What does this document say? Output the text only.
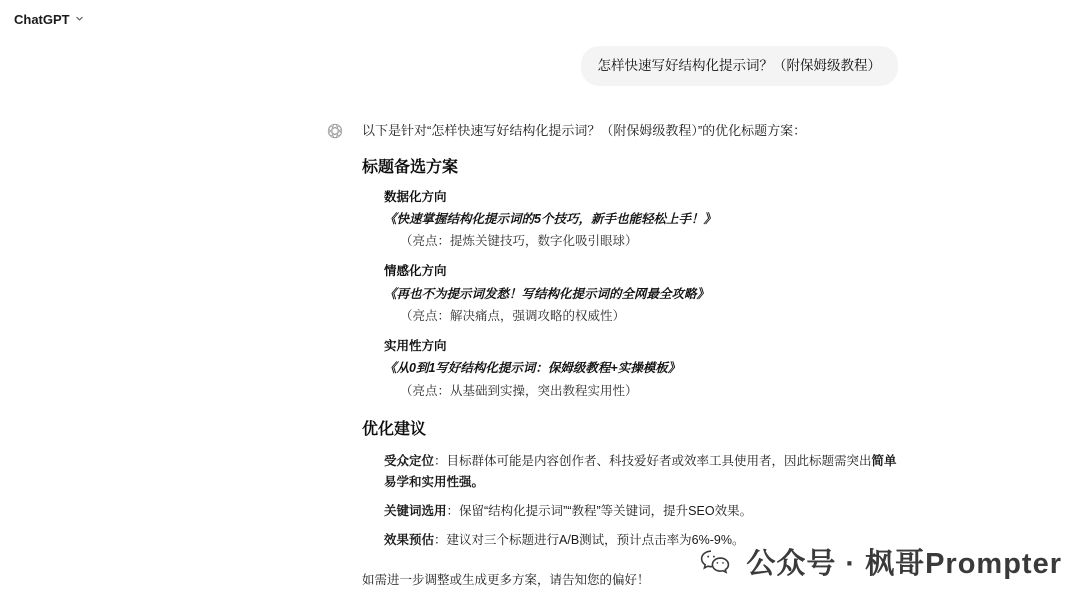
ChatGPT
怎样快速写好结构化提示词？（附保姆级教程）

以下是针对“怎样快速写好结构化提示词？（附保姆级教程）”的优化标题方案：

标题备选方案
数据化方向
《快速掌握结构化提示词的5个技巧，新手也能轻松上手！》
（亮点：提炼关键技巧，数字化吸引眼球）
情感化方向
《再也不为提示词发愁！写结构化提示词的全网最全攻略》
（亮点：解决痛点，强调攻略的权威性）
实用性方向
《从0到1写好结构化提示词：保姆级教程+实操模板》
（亮点：从基础到实操，突出教程实用性）
优化建议
受众定位：目标群体可能是内容创作者、科技爱好者或效率工具使用者，因此标题需突出简单易学和实用性强。
关键词选用：保留“结构化提示词”“教程”等关键词，提升SEO效果。
效果预估：建议对三个标题进行A/B测试，预计点击率为6%-9%。

如需进一步调整或生成更多方案，请告知您的偏好！	公众号 · 枫哥Prompter
